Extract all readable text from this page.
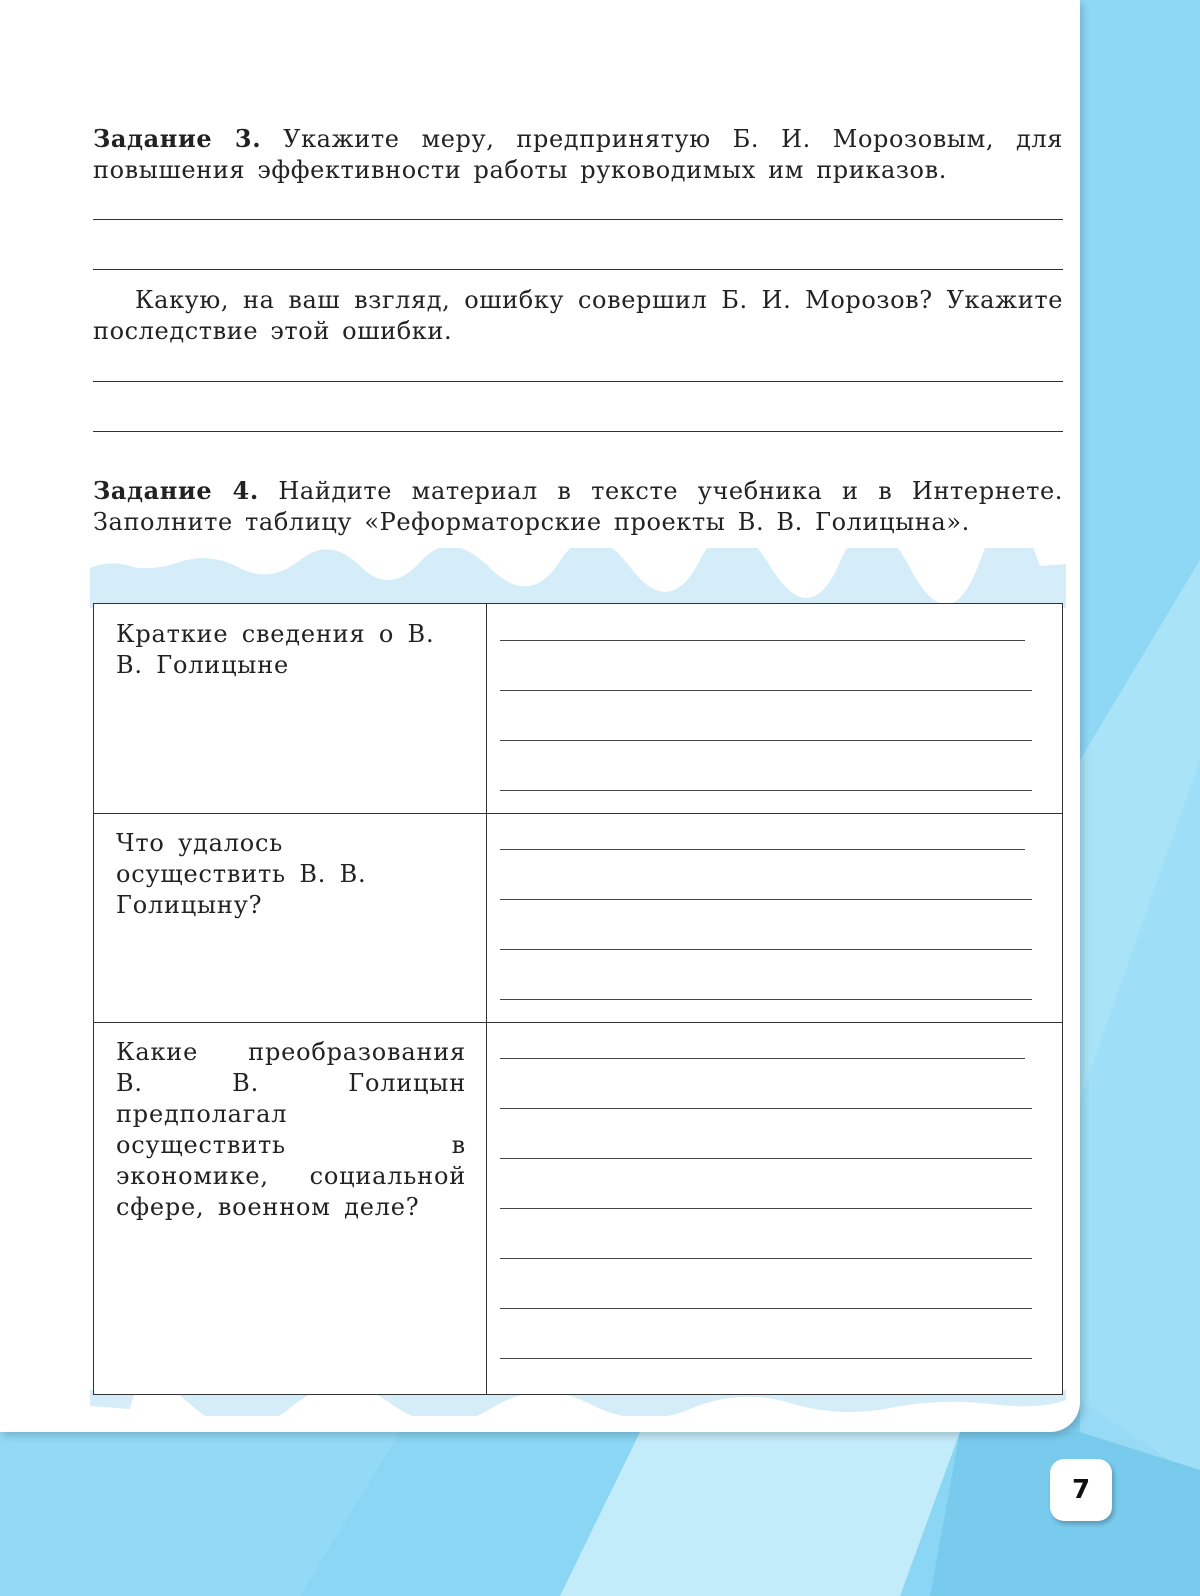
Задание 3. Укажите меру, предпринятую Б. И. Морозовым, для повышения эффективности работы руководимых им приказов.
Какую, на ваш взгляд, ошибку совершил Б. И. Морозов? Укажите последствие этой ошибки.
Задание 4. Найдите материал в тексте учебника и в Интернете. Заполните таблицу «Реформаторские проекты В. В. Голицына».
Краткие сведения о В. В. Голицыне
Что удалось осуществить В. В. Голицыну?
Какие преобразования В. В. Голицын предполагал осуществить в экономике, социальной сфере, военном деле?
7
